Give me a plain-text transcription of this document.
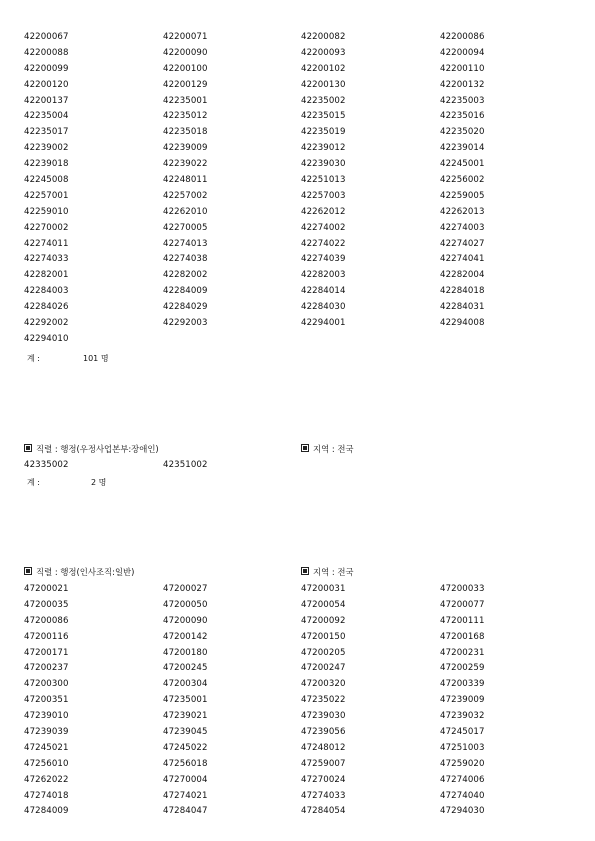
42200067	42200071	42200082	42200086
42200088	42200090	42200093	42200094
42200099	42200100	42200102	42200110
42200120	42200129	42200130	42200132
42200137	42235001	42235002	42235003
42235004	42235012	42235015	42235016
42235017	42235018	42235019	42235020
42239002	42239009	42239012	42239014
42239018	42239022	42239030	42245001
42245008	42248011	42251013	42256002
42257001	42257002	42257003	42259005
42259010	42262010	42262012	42262013
42270002	42270005	42274002	42274003
42274011	42274013	42274022	42274027
42274033	42274038	42274039	42274041
42282001	42282002	42282003	42282004
42284003	42284009	42284014	42284018
42284026	42284029	42284030	42284031
42292002	42292003	42294001	42294008
42294010
계 :	101 명
직렬 : 행정(우정사업본부:장애인)	지역 : 전국
42335002	42351002
계 :	2 명
직렬 : 행정(인사조직:일반)	지역 : 전국
47200021	47200027	47200031	47200033
47200035	47200050	47200054	47200077
47200086	47200090	47200092	47200111
47200116	47200142	47200150	47200168
47200171	47200180	47200205	47200231
47200237	47200245	47200247	47200259
47200300	47200304	47200320	47200339
47200351	47235001	47235022	47239009
47239010	47239021	47239030	47239032
47239039	47239045	47239056	47245017
47245021	47245022	47248012	47251003
47256010	47256018	47259007	47259020
47262022	47270004	47270024	47274006
47274018	47274021	47274033	47274040
47284009	47284047	47284054	47294030
